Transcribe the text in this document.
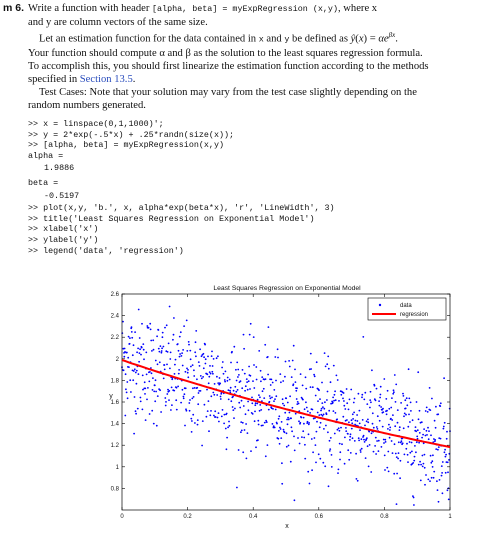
m 6. Write a function with header [alpha, beta] = myExpRegression (x,y), where x
and y are column vectors of the same size.
Let an estimation function for the data contained in x and y be defined as ŷ(x) = $\alpha e^{\beta x}$.
Your function should compute α and β as the solution to the least squares regression formula.
To accomplish this, you should first linearize the estimation function according to the methods
specified in Section 13.5.
Test Cases: Note that your solution may vary from the test case slightly depending on the
random numbers generated.
>> x = linspace(0,1,1000)';
>> y = 2*exp(-.5*x) + .25*randn(size(x));
>> [alpha, beta] = myExpRegression(x,y)
alpha =
1.9886
beta =
-0.5197
>> plot(x,y, 'b.', x, alpha*exp(beta*x), 'r', 'LineWidth', 3)
>> title('Least Squares Regression on Exponential Model')
>> xlabel('x')
>> ylabel('y')
>> legend('data', 'regression')
Least Squares Regression on Exponential Model
0	0.2	0.4	0.6	0.8	1
0.8
1
1.2
1.4
1.6
1.8
2
2.2
2.4
2.6
data
regression
x
y
